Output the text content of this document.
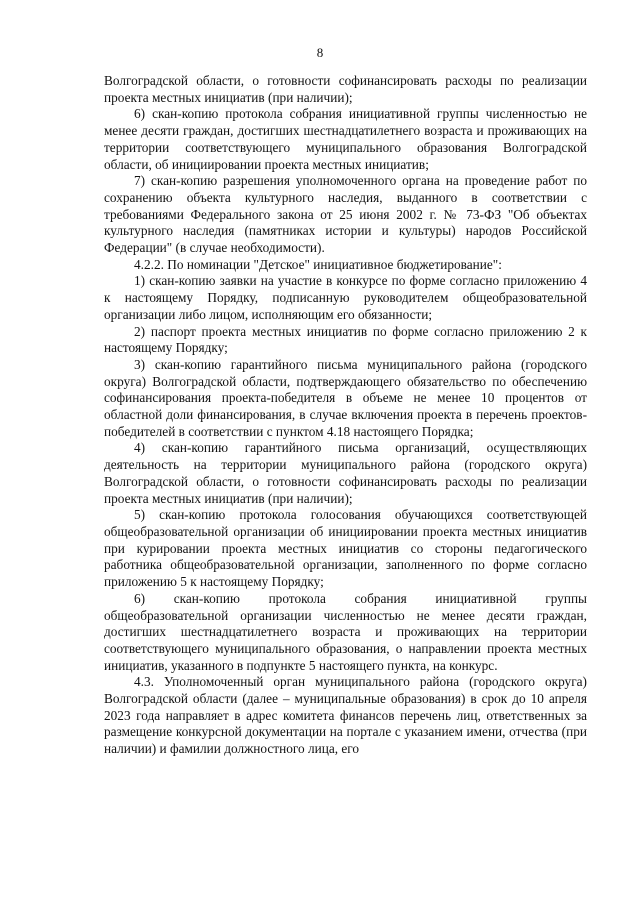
8

Волгоградской области, о готовности софинансировать расходы по реализации проекта местных инициатив (при наличии);

6) скан-копию протокола собрания инициативной группы численностью не менее десяти граждан, достигших шестнадцатилетнего возраста и проживающих на территории соответствующего муниципального образования Волгоградской области, об инициировании проекта местных инициатив;

7) скан-копию разрешения уполномоченного органа на проведение работ по сохранению объекта культурного наследия, выданного в соответствии с требованиями Федерального закона от 25 июня 2002 г. № 73-ФЗ "Об объектах культурного наследия (памятниках истории и культуры) народов Российской Федерации" (в случае необходимости).

4.2.2. По номинации "Детское" инициативное бюджетирование":

1) скан-копию заявки на участие в конкурсе по форме согласно приложению 4 к настоящему Порядку, подписанную руководителем общеобразовательной организации либо лицом, исполняющим его обязанности;

2) паспорт проекта местных инициатив по форме согласно приложению 2 к настоящему Порядку;

3) скан-копию гарантийного письма муниципального района (городского округа) Волгоградской области, подтверждающего обязательство по обеспечению софинансирования проекта-победителя в объеме не менее 10 процентов от областной доли финансирования, в случае включения проекта в перечень проектов-победителей в соответствии с пунктом 4.18 настоящего Порядка;

4) скан-копию гарантийного письма организаций, осуществляющих деятельность на территории муниципального района (городского округа) Волгоградской области, о готовности софинансировать расходы по реализации проекта местных инициатив (при наличии);

5) скан-копию протокола голосования обучающихся соответствующей общеобразовательной организации об инициировании проекта местных инициатив при курировании проекта местных инициатив со стороны педагогического работника общеобразовательной организации, заполненного по форме согласно приложению 5 к настоящему Порядку;

6) скан-копию протокола собрания инициативной группы общеобразовательной организации численностью не менее десяти граждан, достигших шестнадцатилетнего возраста и проживающих на территории соответствующего муниципального образования, о направлении проекта местных инициатив, указанного в подпункте 5 настоящего пункта, на конкурс.

4.3. Уполномоченный орган муниципального района (городского округа) Волгоградской области (далее – муниципальные образования) в срок до 10 апреля 2023 года направляет в адрес комитета финансов перечень лиц, ответственных за размещение конкурсной документации на портале с указанием имени, отчества (при наличии) и фамилии должностного лица, его
